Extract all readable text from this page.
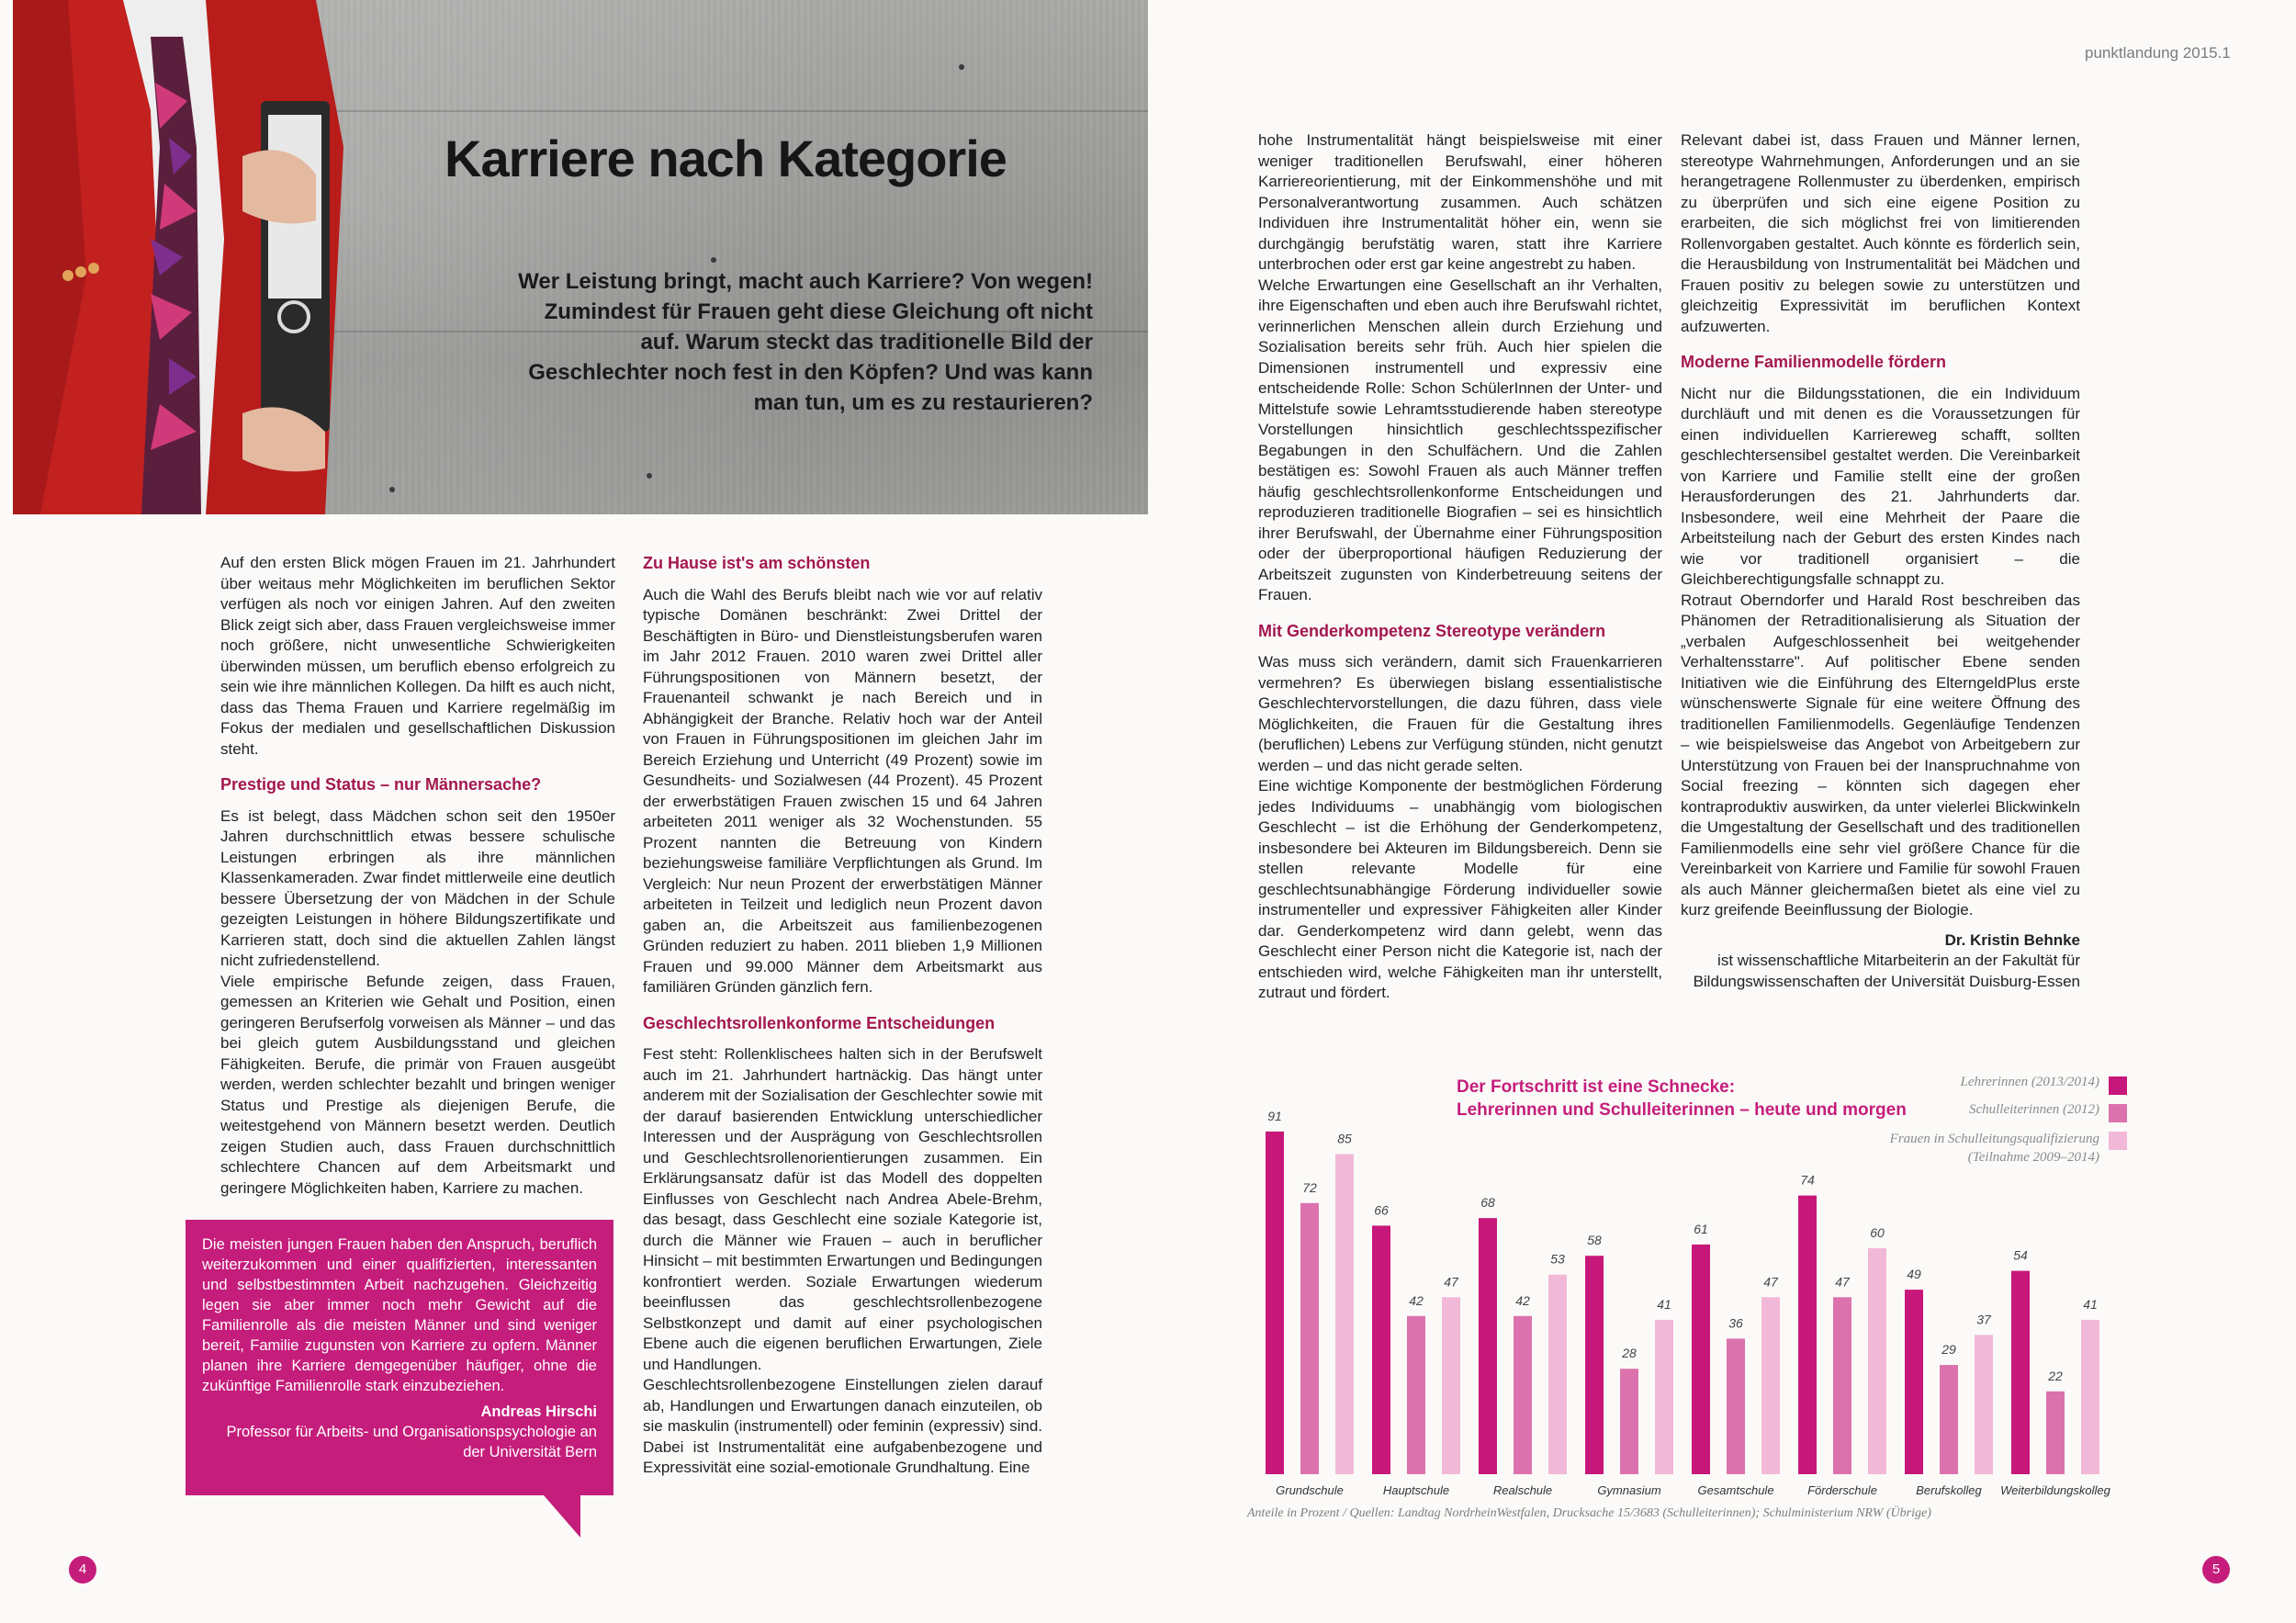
Karriere nach Kategorie

Wer Leistung bringt, macht auch Karriere? Von wegen! Zumindest für Frauen geht diese Gleichung oft nicht auf. Warum steckt das traditionelle Bild der Geschlechter noch fest in den Köpfen? Und was kann man tun, um es zu restaurieren?

Auf den ersten Blick mögen Frauen im 21. Jahrhundert über weitaus mehr Möglichkeiten im beruflichen Sektor verfügen als noch vor einigen Jahren. Auf den zweiten Blick zeigt sich aber, dass Frauen vergleichsweise immer noch größere, nicht unwesentliche Schwierigkeiten überwinden müssen, um beruflich ebenso erfolgreich zu sein wie ihre männlichen Kollegen. Da hilft es auch nicht, dass das Thema Frauen und Karriere regelmäßig im Fokus der medialen und gesellschaftlichen Diskussion steht.

Prestige und Status – nur Männersache?

Es ist belegt, dass Mädchen schon seit den 1950er Jahren durchschnittlich etwas bessere schulische Leistungen erbringen als ihre männlichen Klassenkameraden. Zwar findet mittlerweile eine deutlich bessere Übersetzung der von Mädchen in der Schule gezeigten Leistungen in höhere Bildungszertifikate und Karrieren statt, doch sind die aktuellen Zahlen längst nicht zufriedenstellend.

Viele empirische Befunde zeigen, dass Frauen, gemessen an Kriterien wie Gehalt und Position, einen geringeren Berufserfolg vorweisen als Männer – und das bei gleich gutem Ausbildungsstand und gleichen Fähigkeiten. Berufe, die primär von Frauen ausgeübt werden, werden schlechter bezahlt und bringen weniger Status und Prestige als diejenigen Berufe, die weitestgehend von Männern besetzt werden. Deutlich zeigen Studien auch, dass Frauen durchschnittlich schlechtere Chancen auf dem Arbeitsmarkt und geringere Möglichkeiten haben, Karriere zu machen.

Die meisten jungen Frauen haben den Anspruch, beruflich weiterzukommen und einer qualifizierten, interessanten und selbstbestimmten Arbeit nachzugehen. Gleichzeitig legen sie aber immer noch mehr Gewicht auf die Familienrolle als die meisten Männer und sind weniger bereit, Familie zugunsten von Karriere zu opfern. Männer planen ihre Karriere demgegenüber häufiger, ohne die zukünftige Familienrolle stark einzubeziehen.
Andreas Hirschi
Professor für Arbeits- und Organisationspsychologie an der Universität Bern
Zu Hause ist's am schönsten

Auch die Wahl des Berufs bleibt nach wie vor auf relativ typische Domänen beschränkt: Zwei Drittel der Beschäftigten in Büro- und Dienstleistungsberufen waren im Jahr 2012 Frauen. 2010 waren zwei Drittel aller Führungspositionen von Männern besetzt, der Frauenanteil schwankt je nach Bereich und in Abhängigkeit der Branche. Relativ hoch war der Anteil von Frauen in Führungspositionen im gleichen Jahr im Bereich Erziehung und Unterricht (49 Prozent) sowie im Gesundheits- und Sozialwesen (44 Prozent). 45 Prozent der erwerbstätigen Frauen zwischen 15 und 64 Jahren arbeiteten 2011 weniger als 32 Wochenstunden. 55 Prozent nannten die Betreuung von Kindern beziehungsweise familiäre Verpflichtungen als Grund. Im Vergleich: Nur neun Prozent der erwerbstätigen Männer arbeiteten in Teilzeit und lediglich neun Prozent davon gaben an, die Arbeitszeit aus familienbezogenen Gründen reduziert zu haben. 2011 blieben 1,9 Millionen Frauen und 99.000 Männer dem Arbeitsmarkt aus familiären Gründen gänzlich fern.

Geschlechtsrollenkonforme Entscheidungen

Fest steht: Rollenklischees halten sich in der Berufswelt auch im 21. Jahrhundert hartnäckig. Das hängt unter anderem mit der Sozialisation der Geschlechter sowie mit der darauf basierenden Entwicklung unterschiedlicher Interessen und der Ausprägung von Geschlechtsrollen und Geschlechtsrollenorientierungen zusammen. Ein Erklärungsansatz dafür ist das Modell des doppelten Einflusses von Geschlecht nach Andrea Abele-Brehm, das besagt, dass Geschlecht eine soziale Kategorie ist, durch die Männer wie Frauen – auch in beruflicher Hinsicht – mit bestimmten Erwartungen und Bedingungen konfrontiert werden. Soziale Erwartungen wiederum beeinflussen das geschlechtsrollenbezogene Selbstkonzept und damit auf einer psychologischen Ebene auch die eigenen beruflichen Erwartungen, Ziele und Handlungen.

Geschlechtsrollenbezogene Einstellungen zielen darauf ab, Handlungen und Erwartungen danach einzuteilen, ob sie maskulin (instrumentell) oder feminin (expressiv) sind. Dabei ist Instrumentalität eine aufgabenbezogene und Expressivität eine sozial-emotionale Grundhaltung. Eine

4
punktlandung 2015.1

hohe Instrumentalität hängt beispielsweise mit einer weniger traditionellen Berufswahl, einer höheren Karriereorientierung, mit der Einkommenshöhe und mit Personalverantwortung zusammen. Auch schätzen Individuen ihre Instrumentalität höher ein, wenn sie durchgängig berufstätig waren, statt ihre Karriere unterbrochen oder erst gar keine angestrebt zu haben.

Welche Erwartungen eine Gesellschaft an ihr Verhalten, ihre Eigenschaften und eben auch ihre Berufswahl richtet, verinnerlichen Menschen allein durch Erziehung und Sozialisation bereits sehr früh. Auch hier spielen die Dimensionen instrumentell und expressiv eine entscheidende Rolle: Schon SchülerInnen der Unter- und Mittelstufe sowie Lehramtsstudierende haben stereotype Vorstellungen hinsichtlich geschlechtsspezifischer Begabungen in den Schulfächern. Und die Zahlen bestätigen es: Sowohl Frauen als auch Männer treffen häufig geschlechtsrollenkonforme Entscheidungen und reproduzieren traditionelle Biografien – sei es hinsichtlich ihrer Berufswahl, der Übernahme einer Führungsposition oder der überproportional häufigen Reduzierung der Arbeitszeit zugunsten von Kinderbetreuung seitens der Frauen.

Mit Genderkompetenz Stereotype verändern

Was muss sich verändern, damit sich Frauenkarrieren vermehren? Es überwiegen bislang essentialistische Geschlechtervorstellungen, die dazu führen, dass viele Möglichkeiten, die Frauen für die Gestaltung ihres (beruflichen) Lebens zur Verfügung stünden, nicht genutzt werden – und das nicht gerade selten.

Eine wichtige Komponente der bestmöglichen Förderung jedes Individuums – unabhängig vom biologischen Geschlecht – ist die Erhöhung der Genderkompetenz, insbesondere bei Akteuren im Bildungsbereich. Denn sie stellen relevante Modelle für eine geschlechtsunabhängige Förderung individueller sowie instrumenteller und expressiver Fähigkeiten aller Kinder dar. Genderkompetenz wird dann gelebt, wenn das Geschlecht einer Person nicht die Kategorie ist, nach der entschieden wird, welche Fähigkeiten man ihr unterstellt, zutraut und fördert.

Relevant dabei ist, dass Frauen und Männer lernen, stereotype Wahrnehmungen, Anforderungen und an sie herangetragene Rollenmuster zu überdenken, empirisch zu überprüfen und sich eine eigene Position zu erarbeiten, die sich möglichst frei von limitierenden Rollenvorgaben gestaltet. Auch könnte es förderlich sein, die Herausbildung von Instrumentalität bei Mädchen und Frauen positiv zu belegen sowie zu unterstützen und gleichzeitig Expressivität im beruflichen Kontext aufzuwerten.

Moderne Familienmodelle fördern

Nicht nur die Bildungsstationen, die ein Individuum durchläuft und mit denen es die Voraussetzungen für einen individuellen Karriereweg schafft, sollten geschlechtersensibel gestaltet werden. Die Vereinbarkeit von Karriere und Familie stellt eine der großen Herausforderungen des 21. Jahrhunderts dar. Insbesondere, weil eine Mehrheit der Paare die Arbeitsteilung nach der Geburt des ersten Kindes nach wie vor traditionell organisiert – die Gleichberechtigungsfalle schnappt zu.

Rotraut Oberndorfer und Harald Rost beschreiben das Phänomen der Retraditionalisierung als Situation der „verbalen Aufgeschlossenheit bei weitgehender Verhaltensstarre". Auf politischer Ebene senden Initiativen wie die Einführung des ElterngeldPlus erste wünschenswerte Signale für eine weitere Öffnung des traditionellen Familienmodells. Gegenläufige Tendenzen – wie beispielsweise das Angebot von Arbeitgebern zur Unterstützung von Frauen bei der Inanspruchnahme von Social freezing – könnten sich dagegen eher kontraproduktiv auswirken, da unter vielerlei Blickwinkeln die Umgestaltung der Gesellschaft und des traditionellen Familienmodells eine sehr viel größere Chance für die Vereinbarkeit von Karriere und Familie für sowohl Frauen als auch Männer gleichermaßen bietet als eine viel zu kurz greifende Beeinflussung der Biologie.

Dr. Kristin Behnke
ist wissenschaftliche Mitarbeiterin an der Fakultät für Bildungswissenschaften der Universität Duisburg-Essen
91
72
85
Grundschule
66
42
47
Hauptschule
68
42
53
Realschule
58
28
41
Gymnasium
61
36
47
Gesamtschule
74
47
60
Förderschule
49
29
37
Berufskolleg
54
22
41
Weiterbildungskolleg
Der Fortschritt ist eine Schnecke:
Lehrerinnen und Schulleiterinnen – heute und morgen
Lehrerinnen (2013/2014)
Schulleiterinnen (2012)
Frauen in Schulleitungsqualifizierung
(Teilnahme 2009–2014)
Anteile in Prozent / Quellen: Landtag NordrheinWestfalen, Drucksache 15/3683 (Schulleiterinnen); Schulministerium NRW (Übrige)
5
